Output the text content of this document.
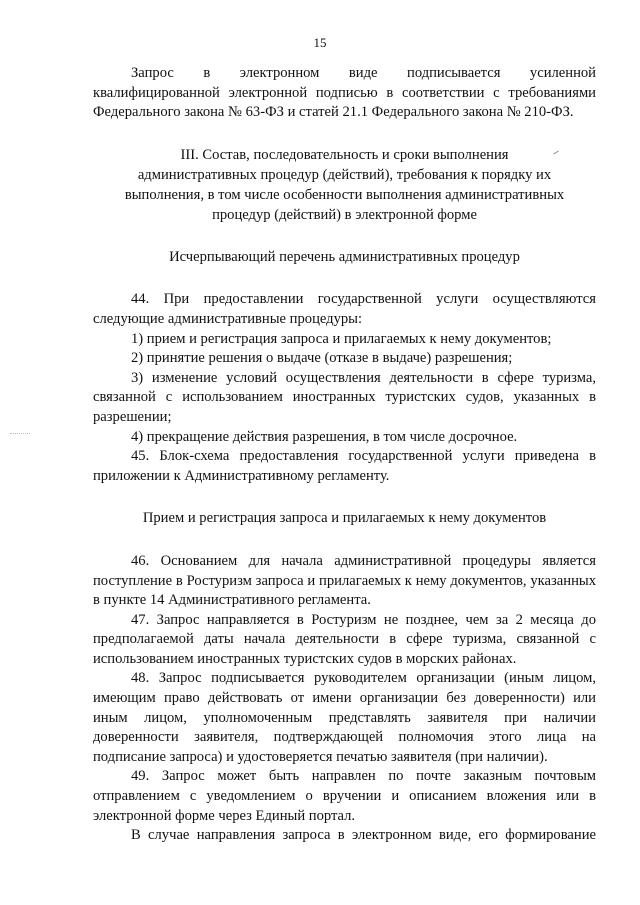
15

Запрос в электронном виде подписывается усиленной квалифицированной электронной подписью в соответствии с требованиями Федерального закона № 63-ФЗ и статей 21.1 Федерального закона № 210-ФЗ.

III. Состав, последовательность и сроки выполнения административных процедур (действий), требования к порядку их выполнения, в том числе особенности выполнения административных процедур (действий) в электронной форме

Исчерпывающий перечень административных процедур

44. При предоставлении государственной услуги осуществляются следующие административные процедуры:

1) прием и регистрация запроса и прилагаемых к нему документов;

2) принятие решения о выдаче (отказе в выдаче) разрешения;

3) изменение условий осуществления деятельности в сфере туризма, связанной с использованием иностранных туристских судов, указанных в разрешении;

4) прекращение действия разрешения, в том числе досрочное.

45. Блок-схема предоставления государственной услуги приведена в приложении к Административному регламенту.

Прием и регистрация запроса и прилагаемых к нему документов

46. Основанием для начала административной процедуры является поступление в Ростуризм запроса и прилагаемых к нему документов, указанных в пункте 14 Административного регламента.

47. Запрос направляется в Ростуризм не позднее, чем за 2 месяца до предполагаемой даты начала деятельности в сфере туризма, связанной с использованием иностранных туристских судов в морских районах.

48. Запрос подписывается руководителем организации (иным лицом, имеющим право действовать от имени организации без доверенности) или иным лицом, уполномоченным представлять заявителя при наличии доверенности заявителя, подтверждающей полномочия этого лица на подписание запроса) и удостоверяется печатью заявителя (при наличии).

49. Запрос может быть направлен по почте заказным почтовым отправлением с уведомлением о вручении и описанием вложения или в электронной форме через Единый портал.

В случае направления запроса в электронном виде, его формирование
